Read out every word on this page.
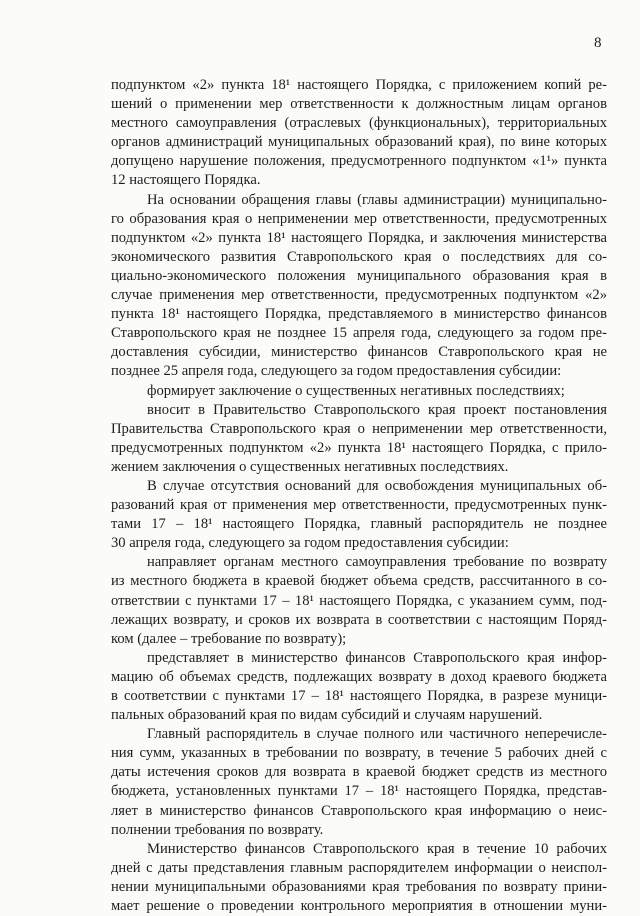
8
подпунктом «2» пункта 18¹ настоящего Порядка, с приложением копий ре-
шений о применении мер ответственности к должностным лицам органов
местного самоуправления (отраслевых (функциональных), территориальных
органов администраций муниципальных образований края), по вине которых
допущено нарушение положения, предусмотренного подпунктом «1¹» пункта
12 настоящего Порядка.
На основании обращения главы (главы администрации) муниципально-
го образования края о неприменении мер ответственности, предусмотренных
подпунктом «2» пункта 18¹ настоящего Порядка, и заключения министерства
экономического развития Ставропольского края о последствиях для со-
циально-экономического положения муниципального образования края в
случае применения мер ответственности, предусмотренных подпунктом «2»
пункта 18¹ настоящего Порядка, представляемого в министерство финансов
Ставропольского края не позднее 15 апреля года, следующего за годом пре-
доставления субсидии, министерство финансов Ставропольского края не
позднее 25 апреля года, следующего за годом предоставления субсидии:
формирует заключение о существенных негативных последствиях;
вносит в Правительство Ставропольского края проект постановления
Правительства Ставропольского края о неприменении мер ответственности,
предусмотренных подпунктом «2» пункта 18¹ настоящего Порядка, с прило-
жением заключения о существенных негативных последствиях.
В случае отсутствия оснований для освобождения муниципальных об-
разований края от применения мер ответственности, предусмотренных пунк-
тами 17 – 18¹ настоящего Порядка, главный распорядитель не позднее
30 апреля года, следующего за годом предоставления субсидии:
направляет органам местного самоуправления требование по возврату
из местного бюджета в краевой бюджет объема средств, рассчитанного в со-
ответствии с пунктами 17 – 18¹ настоящего Порядка, с указанием сумм, под-
лежащих возврату, и сроков их возврата в соответствии с настоящим Поряд-
ком (далее – требование по возврату);
представляет в министерство финансов Ставропольского края инфор-
мацию об объемах средств, подлежащих возврату в доход краевого бюджета
в соответствии с пунктами 17 – 18¹ настоящего Порядка, в разрезе муници-
пальных образований края по видам субсидий и случаям нарушений.
Главный распорядитель в случае полного или частичного неперечисле-
ния сумм, указанных в требовании по возврату, в течение 5 рабочих дней с
даты истечения сроков для возврата в краевой бюджет средств из местного
бюджета, установленных пунктами 17 – 18¹ настоящего Порядка, представ-
ляет в министерство финансов Ставропольского края информацию о неис-
полнении требования по возврату.
Министерство финансов Ставропольского края в течение 10 рабочих
дней с даты представления главным распорядителем информации о неиспол-
нении муниципальными образованиями края требования по возврату прини-
мает решение о проведении контрольного мероприятия в отношении муни-
